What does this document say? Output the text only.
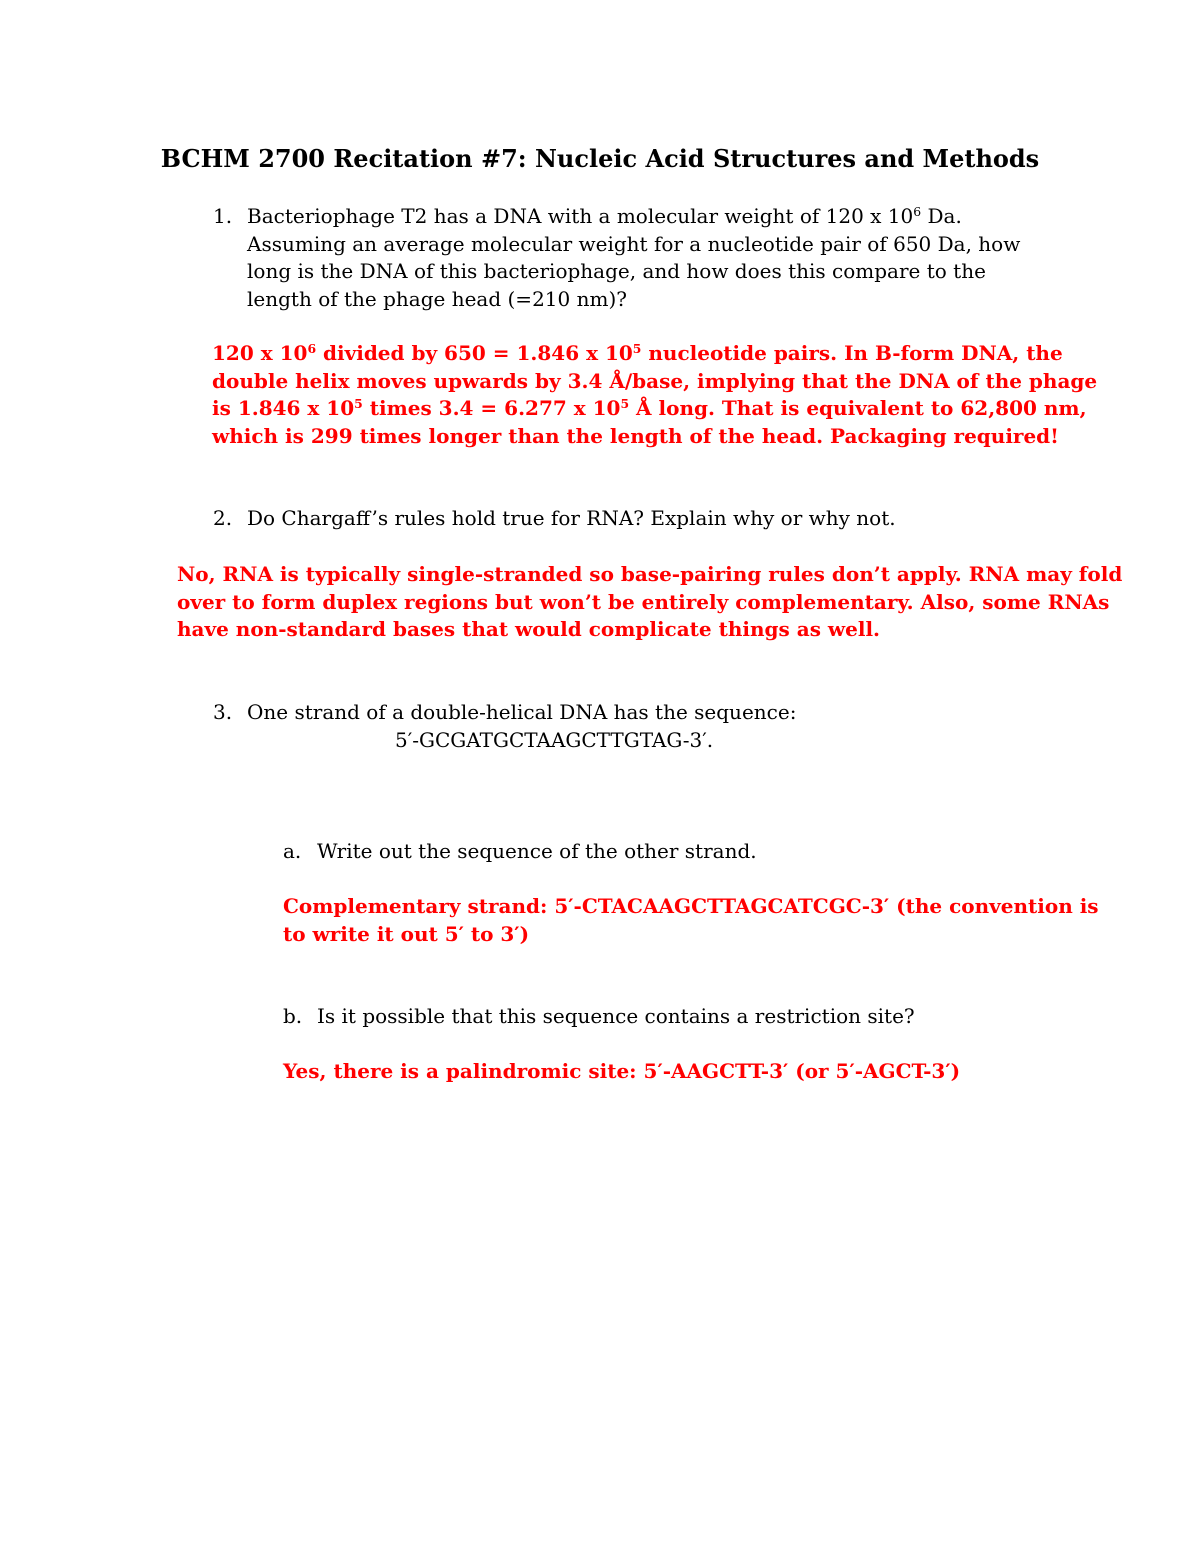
BCHM 2700 Recitation #7: Nucleic Acid Structures and Methods
1. Bacteriophage T2 has a DNA with a molecular weight of 120 x $10^6$ Da.
Assuming an average molecular weight for a nucleotide pair of 650 Da, how
long is the DNA of this bacteriophage, and how does this compare to the
length of the phage head (=210 nm)?
120 x $10^6$ divided by 650 = 1.846 x $10^5$ nucleotide pairs. In B-form DNA, the
double helix moves upwards by 3.4 Å/base, implying that the DNA of the phage
is 1.846 x $10^5$ times 3.4 = 6.277 x $10^5$ Å long. That is equivalent to 62,800 nm,
which is 299 times longer than the length of the head. Packaging required!
2. Do Chargaff’s rules hold true for RNA? Explain why or why not.
No, RNA is typically single-stranded so base-pairing rules don’t apply. RNA may fold
over to form duplex regions but won’t be entirely complementary. Also, some RNAs
have non-standard bases that would complicate things as well.
3. One strand of a double-helical DNA has the sequence:
5′-GCGATGCTAAGCTTGTAG-3′.
a. Write out the sequence of the other strand.
Complementary strand: 5′-CTACAAGCTTAGCATCGC-3′ (the convention is
to write it out 5′ to 3′)
b. Is it possible that this sequence contains a restriction site?
Yes, there is a palindromic site: 5′-AAGCTT-3′ (or 5′-AGCT-3′)
